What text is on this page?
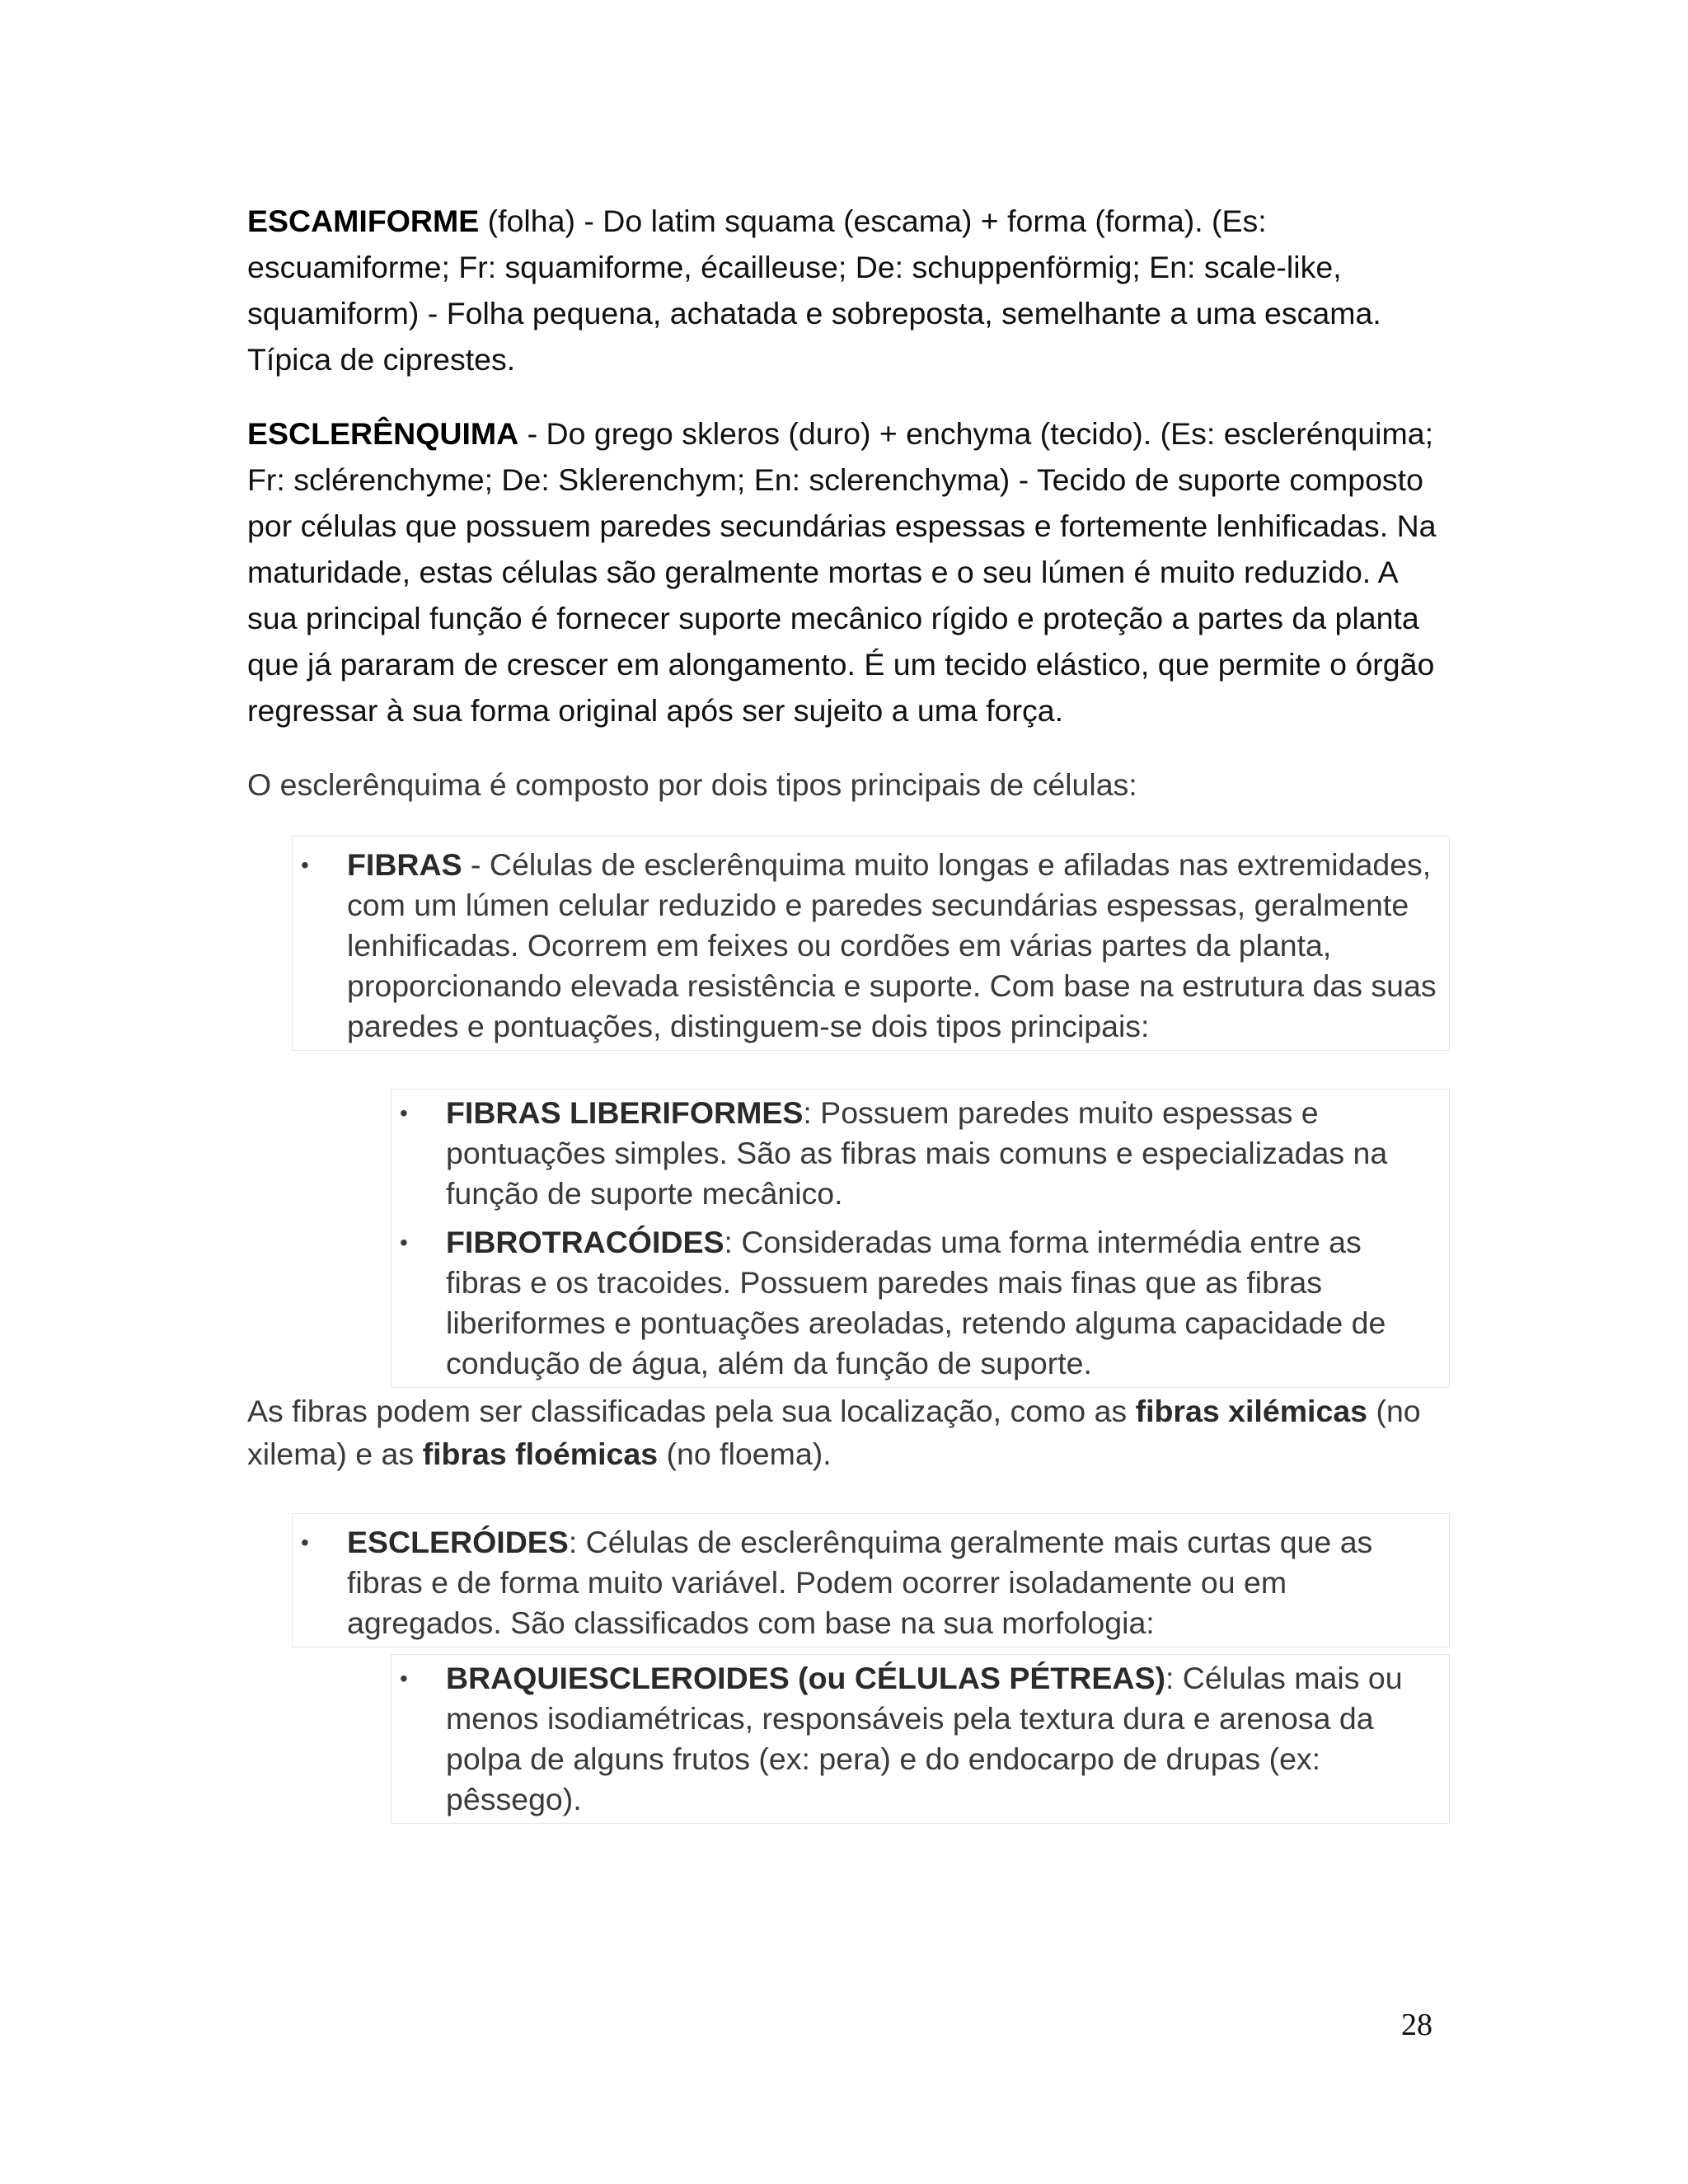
ESCAMIFORME (folha) - Do latim squama (escama) + forma (forma). (Es: escuamiforme; Fr: squamiforme, écailleuse; De: schuppenförmig; En: scale-like, squamiform) - Folha pequena, achatada e sobreposta, semelhante a uma escama. Típica de ciprestes.

ESCLERÊNQUIMA - Do grego skleros (duro) + enchyma (tecido). (Es: esclerénquima; Fr: sclérenchyme; De: Sklerenchym; En: sclerenchyma) - Tecido de suporte composto por células que possuem paredes secundárias espessas e fortemente lenhificadas. Na maturidade, estas células são geralmente mortas e o seu lúmen é muito reduzido. A sua principal função é fornecer suporte mecânico rígido e proteção a partes da planta que já pararam de crescer em alongamento. É um tecido elástico, que permite o órgão regressar à sua forma original após ser sujeito a uma força.

O esclerênquima é composto por dois tipos principais de células:

• FIBRAS - Células de esclerênquima muito longas e afiladas nas extremidades, com um lúmen celular reduzido e paredes secundárias espessas, geralmente lenhificadas. Ocorrem em feixes ou cordões em várias partes da planta, proporcionando elevada resistência e suporte. Com base na estrutura das suas paredes e pontuações, distinguem-se dois tipos principais:
• FIBRAS LIBERIFORMES: Possuem paredes muito espessas e pontuações simples. São as fibras mais comuns e especializadas na função de suporte mecânico.
• FIBROTRACÓIDES: Consideradas uma forma intermédia entre as fibras e os tracoides. Possuem paredes mais finas que as fibras liberiformes e pontuações areoladas, retendo alguma capacidade de condução de água, além da função de suporte.

As fibras podem ser classificadas pela sua localização, como as fibras xilémicas (no xilema) e as fibras floémicas (no floema).

• ESCLERÓIDES: Células de esclerênquima geralmente mais curtas que as fibras e de forma muito variável. Podem ocorrer isoladamente ou em agregados. São classificados com base na sua morfologia:
• BRAQUIESCLEROIDES (ou CÉLULAS PÉTREAS): Células mais ou menos isodiamétricas, responsáveis pela textura dura e arenosa da polpa de alguns frutos (ex: pera) e do endocarpo de drupas (ex: pêssego).
28
